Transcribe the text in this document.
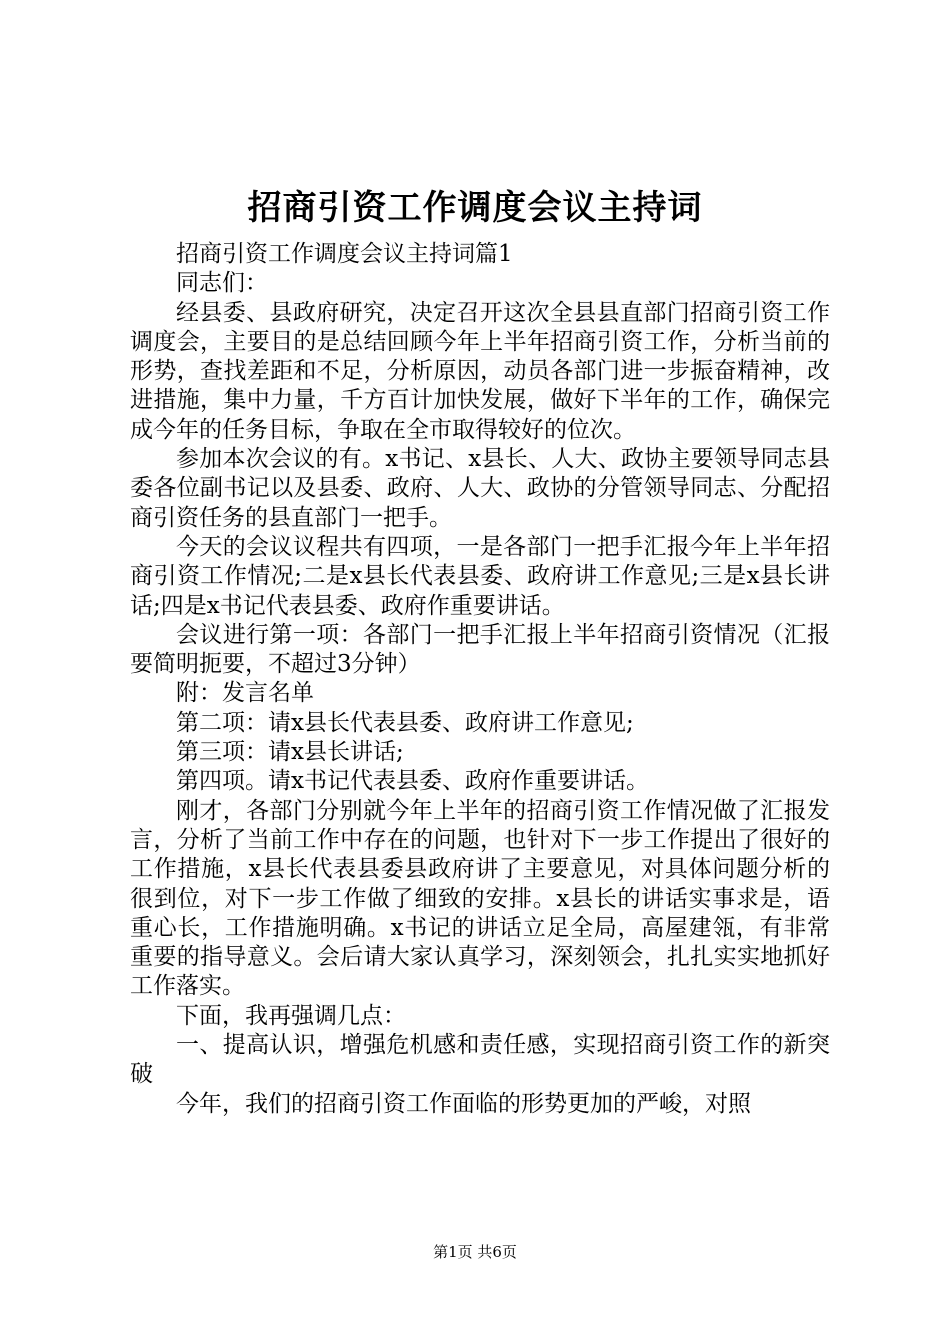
招商引资工作调度会议主持词

招商引资工作调度会议主持词篇1

同志们：

经县委、县政府研究，决定召开这次全县县直部门招商引资工作调度会，主要目的是总结回顾今年上半年招商引资工作，分析当前的形势，查找差距和不足，分析原因，动员各部门进一步振奋精神，改进措施，集中力量，千方百计加快发展，做好下半年的工作，确保完成今年的任务目标，争取在全市取得较好的位次。

参加本次会议的有。x书记、x县长、人大、政协主要领导同志县委各位副书记以及县委、政府、人大、政协的分管领导同志、分配招商引资任务的县直部门一把手。

今天的会议议程共有四项，一是各部门一把手汇报今年上半年招商引资工作情况;二是x县长代表县委、政府讲工作意见;三是x县长讲话;四是x书记代表县委、政府作重要讲话。

会议进行第一项：各部门一把手汇报上半年招商引资情况（汇报要简明扼要，不超过3分钟）

附：发言名单

第二项：请x县长代表县委、政府讲工作意见;

第三项：请x县长讲话;

第四项。请x书记代表县委、政府作重要讲话。

刚才，各部门分别就今年上半年的招商引资工作情况做了汇报发言，分析了当前工作中存在的问题，也针对下一步工作提出了很好的工作措施，x县长代表县委县政府讲了主要意见，对具体问题分析的很到位，对下一步工作做了细致的安排。x县长的讲话实事求是，语重心长，工作措施明确。x书记的讲话立足全局，高屋建瓴，有非常重要的指导意义。会后请大家认真学习，深刻领会，扎扎实实地抓好工作落实。

下面，我再强调几点：

一、提高认识，增强危机感和责任感，实现招商引资工作的新突破

今年，我们的招商引资工作面临的形势更加的严峻，对照

第1页 共6页
